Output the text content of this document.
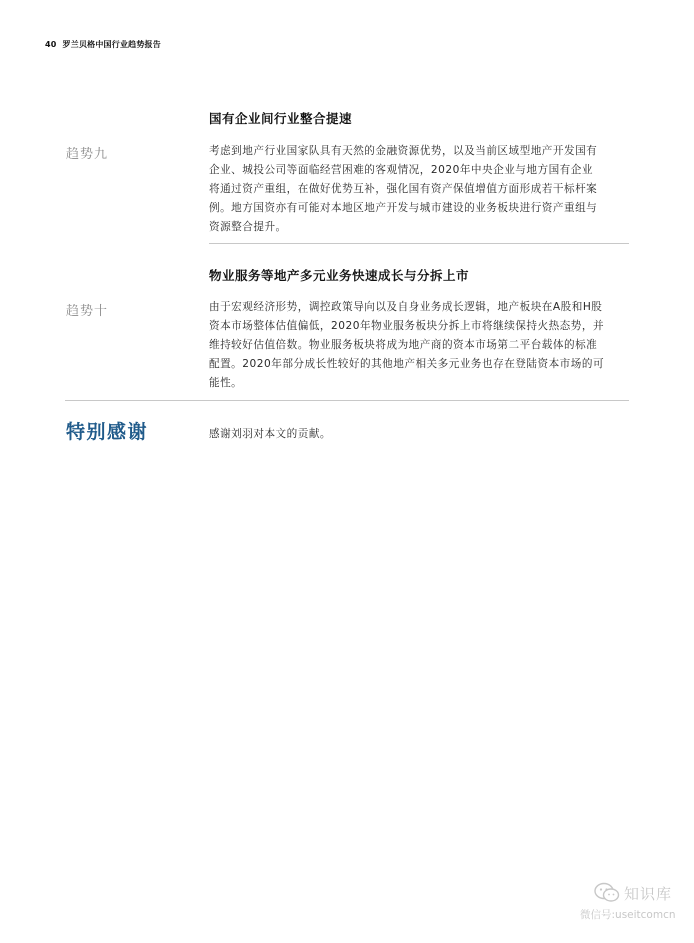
40 罗兰贝格中国行业趋势报告
国有企业间行业整合提速
趋势九	考虑到地产行业国家队具有天然的金融资源优势，以及当前区域型地产开发国有
企业、城投公司等面临经营困难的客观情况，2020年中央企业与地方国有企业
将通过资产重组，在做好优势互补，强化国有资产保值增值方面形成若干标杆案
例。地方国资亦有可能对本地区地产开发与城市建设的业务板块进行资产重组与
资源整合提升。

物业服务等地产多元业务快速成长与分拆上市
趋势十	由于宏观经济形势，调控政策导向以及自身业务成长逻辑，地产板块在A股和H股
资本市场整体估值偏低，2020年物业服务板块分拆上市将继续保持火热态势，并
维持较好估值倍数。物业服务板块将成为地产商的资本市场第二平台载体的标准
配置。2020年部分成长性较好的其他地产相关多元业务也存在登陆资本市场的可
能性。

特别感谢	感谢刘羽对本文的贡献。
知识库
微信号:useitcomcn
